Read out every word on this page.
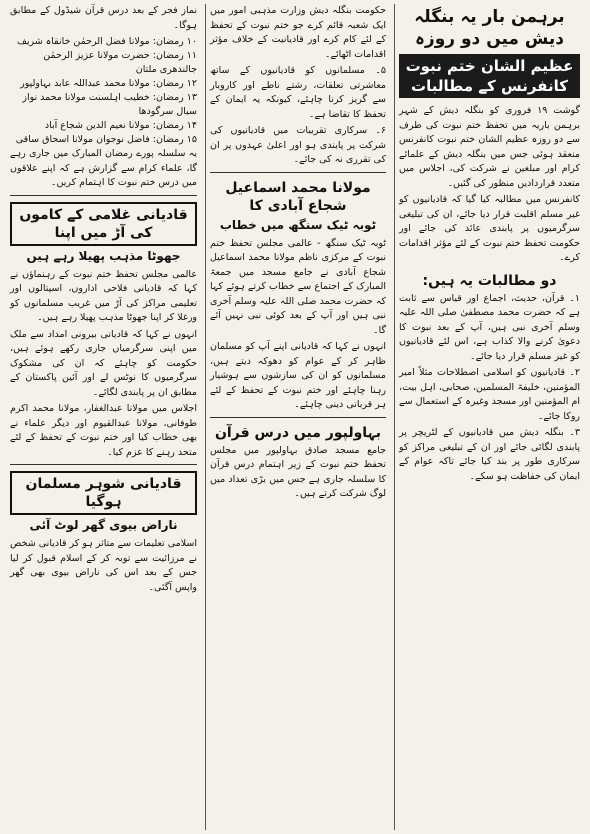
برہمن بار یہ بنگلہ دیش میں دو روزہ
عظیم الشان ختم نبوت کانفرنس کے مطالبات

گوشت ۱۹ فروری کو بنگلہ دیش کے شہر برہمن باریہ میں تحفظ ختم نبوت کی طرف سے دو روزہ عظیم الشان ختم نبوت کانفرنس منعقد ہوئی جس میں بنگلہ دیش کے علمائے کرام اور مبلغین نے شرکت کی، اجلاس میں متعدد قراردادیں منظور کی گئیں۔

کانفرنس میں مطالبہ کیا گیا کہ قادیانیوں کو غیر مسلم اقلیت قرار دیا جائے، ان کی تبلیغی سرگرمیوں پر پابندی عائد کی جائے اور حکومت تحفظ ختم نبوت کے لئے مؤثر اقدامات کرے۔

دو مطالبات یہ ہیں:

۱۔ قرآن، حدیث، اجماع اور قیاس سے ثابت ہے کہ حضرت محمد مصطفیٰ صلی اللہ علیہ وسلم آخری نبی ہیں، آپ کے بعد نبوت کا دعویٰ کرنے والا کذاب ہے، اس لئے قادیانیوں کو غیر مسلم قرار دیا جائے۔

۲۔ قادیانیوں کو اسلامی اصطلاحات مثلاً امیر المؤمنین، خلیفۃ المسلمین، صحابی، اہل بیت، ام المؤمنین اور مسجد وغیرہ کے استعمال سے روکا جائے۔

۳۔ بنگلہ دیش میں قادیانیوں کے لٹریچر پر پابندی لگائی جائے اور ان کے تبلیغی مراکز کو سرکاری طور پر بند کیا جائے تاکہ عوام کے ایمان کی حفاظت ہو سکے۔

حکومت بنگلہ دیش وزارت مذہبی امور میں ایک شعبہ قائم کرے جو ختم نبوت کے تحفظ کے لئے کام کرے اور قادیانیت کے خلاف مؤثر اقدامات اٹھائے۔

۵۔ مسلمانوں کو قادیانیوں کے ساتھ معاشرتی تعلقات، رشتے ناطے اور کاروبار سے گریز کرنا چاہئے، کیونکہ یہ ایمان کے تحفظ کا تقاضا ہے۔

۶۔ سرکاری تقریبات میں قادیانیوں کی شرکت پر پابندی ہو اور اعلیٰ عہدوں پر ان کی تقرری نہ کی جائے۔

مولانا محمد اسماعیل شجاع آبادی کا
ٹوبہ ٹیک سنگھ میں خطاب

ٹوبہ ٹیک سنگھ - عالمی مجلس تحفظ ختم نبوت کے مرکزی ناظم مولانا محمد اسماعیل شجاع آبادی نے جامع مسجد میں جمعۃ المبارک کے اجتماع سے خطاب کرتے ہوئے کہا کہ حضرت محمد صلی اللہ علیہ وسلم آخری نبی ہیں اور آپ کے بعد کوئی نبی نہیں آئے گا۔

انہوں نے کہا کہ قادیانی اپنے آپ کو مسلمان ظاہر کر کے عوام کو دھوکہ دیتے ہیں، مسلمانوں کو ان کی سازشوں سے ہوشیار رہنا چاہئے اور ختم نبوت کے تحفظ کے لئے ہر قربانی دینی چاہئے۔

بہاولپور میں درس قرآن

جامع مسجد صادق بہاولپور میں مجلس تحفظ ختم نبوت کے زیر اہتمام درس قرآن کا سلسلہ جاری ہے جس میں بڑی تعداد میں لوگ شرکت کرتے ہیں۔

نماز فجر کے بعد درس قرآن شیڈول کے مطابق ہوگا۔

۱۰ رمضان: مولانا فضل الرحمٰن خانقاہ شریف

۱۱ رمضان: حضرت مولانا عزیز الرحمٰن جالندھری ملتان

۱۲ رمضان: مولانا محمد عبداللہ عابد بہاولپور

۱۳ رمضان: خطیب اہلسنت مولانا محمد نواز سیال سرگودھا

۱۴ رمضان: مولانا نعیم الدین شجاع آباد

۱۵ رمضان: فاضل نوجوان مولانا اسحاق ساقی

یہ سلسلہ پورے رمضان المبارک میں جاری رہے گا، علماء کرام سے گزارش ہے کہ اپنے علاقوں میں درس ختم نبوت کا اہتمام کریں۔

قادیانی غلامی کے کاموں کی آڑ میں اپنا
جھوٹا مذہب پھیلا رہے ہیں

عالمی مجلس تحفظ ختم نبوت کے رہنماؤں نے کہا کہ قادیانی فلاحی اداروں، اسپتالوں اور تعلیمی مراکز کی آڑ میں غریب مسلمانوں کو ورغلا کر اپنا جھوٹا مذہب پھیلا رہے ہیں۔

انہوں نے کہا کہ قادیانی بیرونی امداد سے ملک میں اپنی سرگرمیاں جاری رکھے ہوئے ہیں، حکومت کو چاہئے کہ ان کی مشکوک سرگرمیوں کا نوٹس لے اور آئین پاکستان کے مطابق ان پر پابندی لگائے۔

اجلاس میں مولانا عبدالغفار، مولانا محمد اکرم طوفانی، مولانا عبدالقیوم اور دیگر علماء نے بھی خطاب کیا اور ختم نبوت کے تحفظ کے لئے متحد رہنے کا عزم کیا۔

قادیانی شوہر مسلمان ہوگیا
ناراض بیوی گھر لوٹ آئی

اسلامی تعلیمات سے متاثر ہو کر قادیانی شخص نے مرزائیت سے توبہ کر کے اسلام قبول کر لیا جس کے بعد اس کی ناراض بیوی بھی گھر واپس آگئی۔
